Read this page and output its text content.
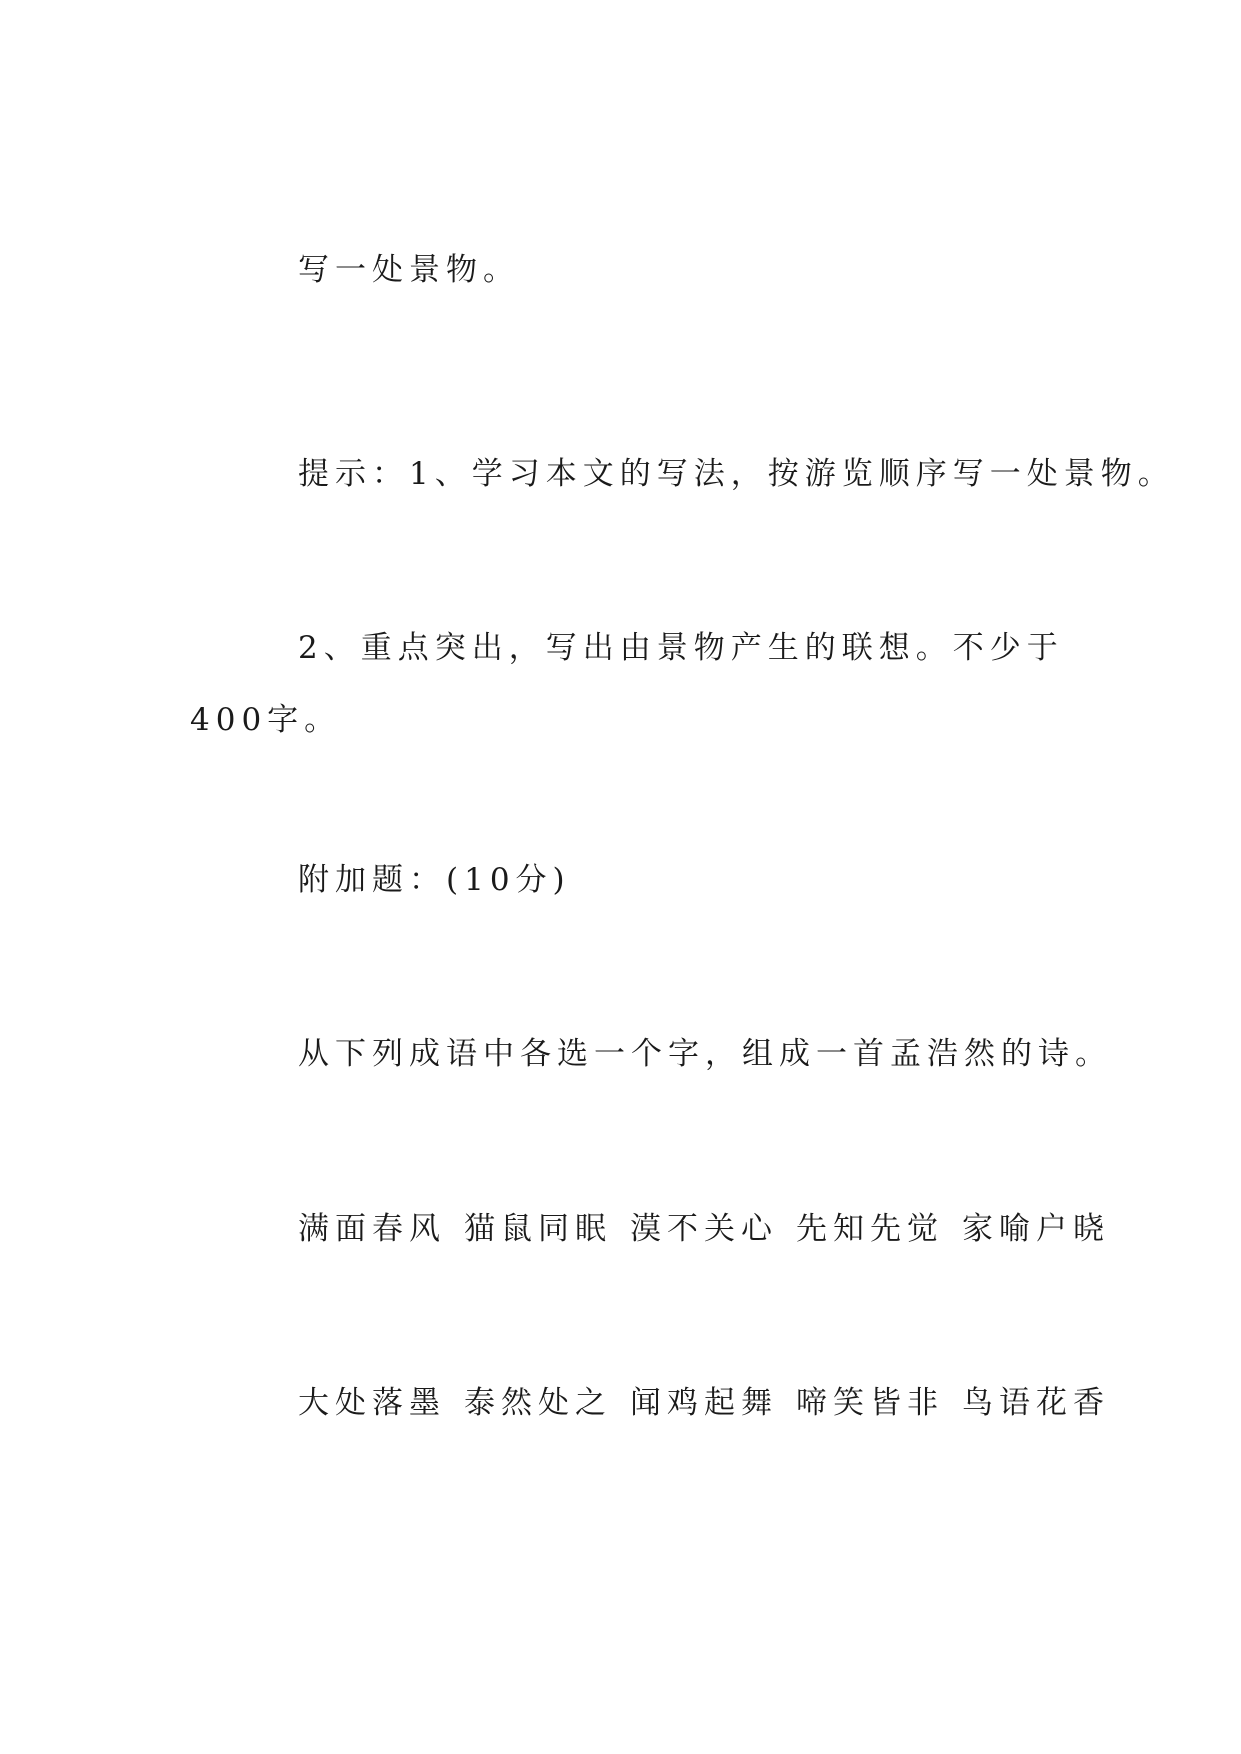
写一处景物。
提示：1、学习本文的写法，按游览顺序写一处景物。
2、重点突出，写出由景物产生的联想。不少于400字。
附加题：(10分)
从下列成语中各选一个字，组成一首孟浩然的诗。
满面春风 猫鼠同眠 漠不关心 先知先觉 家喻户晓
大处落墨 泰然处之 闻鸡起舞 啼笑皆非 鸟语花香
